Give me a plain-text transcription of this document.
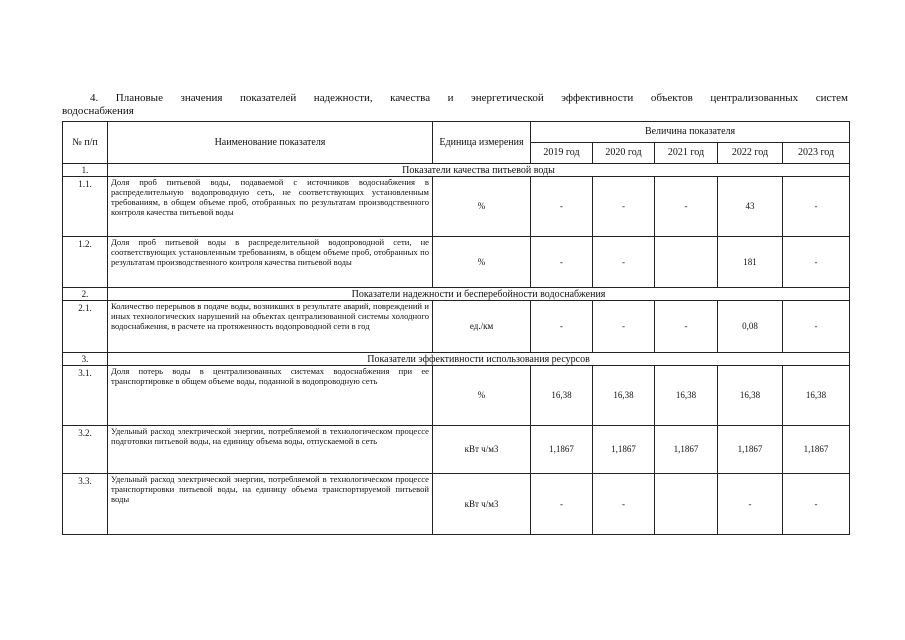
4. Плановые значения показателей надежности, качества и энергетической эффективности объектов централизованных систем
водоснабжения
№ п/п	Наименование показателя	Единица измерения	Величина показателя				
			2019 год	2020 год	2021 год	2022 год	2023 год
1.	Показатели качества питьевой воды						
1.1.	Доля проб питьевой воды, подаваемой с источников водоснабжения в распределительную водопроводную сеть, не соответствующих установленным требованиям, в общем объеме проб, отобранных по результатам производственного контроля качества питьевой воды	%	-	-	-	43	-
1.2.	Доля проб питьевой воды в распределительной водопроводной сети, не соответствующих установленным требованиям, в общем объеме проб, отобранных по результатам производственного контроля качества питьевой воды	%	-	-		181	-
2.	Показатели надежности и бесперебойности водоснабжения						
2.1.	Количество перерывов в подаче воды, возникших в результате аварий, повреждений и иных технологических нарушений на объектах централизованной системы холодного водоснабжения, в расчете на протяженность водопроводной сети в год	ед./км	-	-	-	0,08	-
3.	Показатели эффективности использования ресурсов						
3.1.	Доля потерь воды в централизованных системах водоснабжения при ее транспортировке в общем объеме воды, поданной в водопроводную сеть	%	16,38	16,38	16,38	16,38	16,38
3.2.	Удельный расход электрической энергии, потребляемой в технологическом процессе подготовки питьевой воды, на единицу объема воды, отпускаемой в сеть	кВт ч/м3	1,1867	1,1867	1,1867	1,1867	1,1867
3.3.	Удельный расход электрической энергии, потребляемой в технологическом процессе транспортировки питьевой воды, на единицу объема транспортируемой питьевой воды	кВт ч/м3	-	-		-	-
